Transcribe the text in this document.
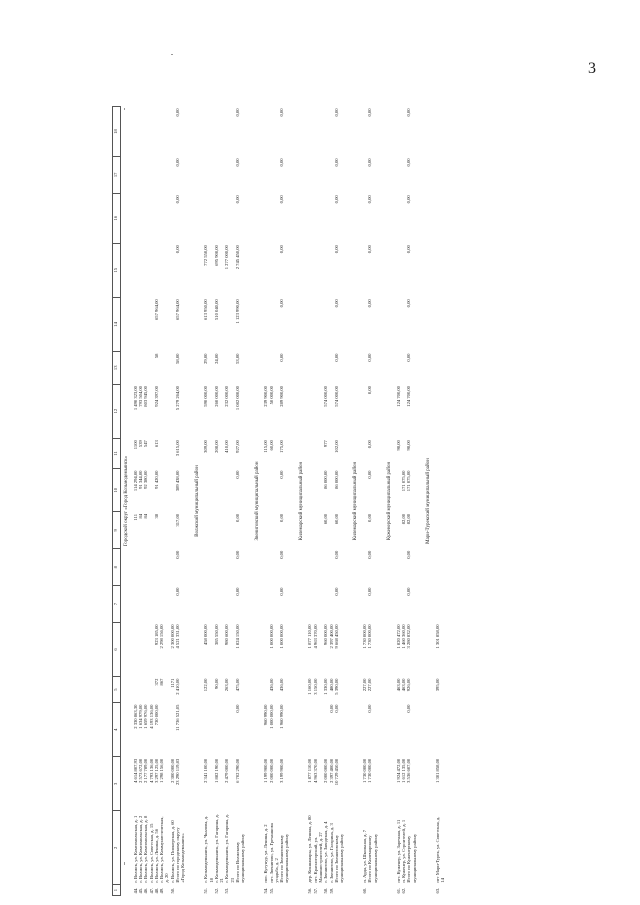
3
1	2	3	4	5	6	7	8	9	10	11	12	13	14	15	16	17	18
Городской округ «Город Козьмодемьянск»																	
44.	г. Волжск, ул. Комсомольская, д. 1	4 614 807,93	2 330 863,30					111	114 294,00	1100	1 490 323,00						
45.	г. Волжск, ул. Комсомольская, д. 2	2 573 672,00	1 634 979,00					84	91 344,00	539	793 504,00						
46.	г. Волжск, ул. Комсомольская, д. 8	2 177 789,00	1 659 976,00					84	92 380,00	547	803 945,00						
47.	г. Волжск, ул. Советская, д. 15	4 793 136,00	4 193 136,00														
48.	г. Волжск, ул. Ленина, д. 56	3 297 125,00	730 000,00	372	923 185,00			38	91 420,00	613	924 397,00	58	657 964,00				
49.	г. Волжск, ул. Коммунистическая, д. 20	1 298 156,00		867	2 298 156,00												
50.	г. Волжск, ул. Пионерская, д. 60	2 300 000,00		1171	2 300 000,00												
	Итого по городскому округу «Город Козьмодемьянск»	23 290 119,83	11 736 521,05	2 410,00	4 521 331,00	0,00	0,00	317,00	389 438,00	3 615,00	5 279 264,00	58,00	657 964,00	0,00	0,00	0,00	0,00
Волжский муниципальный район																	
51.	г. Козьмодемьянск, ул. Чкалова, д. 18	2 341 100,00		122,00	458 000,00					309,00	590 000,00	29,00	613 950,00	772 550,00			
52.	г. Козьмодемьянск, ул. Гагарина, д. 21	1 882 190,00		90,00	385 550,00					208,00	260 000,00	24,00	510 040,00	695 900,00			
53.	г. Козьмодемьянск, ул. Гагарина, д. 23	2 479 000,00		263,00	980 600,00					410,00	232 000,00			1 277 000,00			
	Итого по Волжскому муниципальному району	6 702 290,00	0,00	475,00	1 824 150,00	0,00	0,00	0,00	0,00	927,00	1 082 000,00	53,00	1 123 990,00	2 745 450,00	0,00	0,00	0,00
Звениговский муниципальный район																	
54.	пос. Кугунур, ул. Ленина, д. 2	1 199 900,00	960 990,00							115,00	239 900,00						
55.	пгт. Звенигово, ул. Гречаннова усадьба, д. 2	2 000 000,00	1 000 000,00	436,00	1 000 000,00					60,00	50 000,00						
	Итого по Звениговскому муниципальному району	3 199 900,00	1 960 990,00	436,00	1 000 000,00	0,00	0,00	0,00	0,00	175,00	289 900,00	0,00	0,00	0,00	0,00	0,00	0,00
Килемарский муниципальный район																	
56.	дер. Кокшамары, ул. Ленина, д. 80	1 877 110,00		1 160,00	1 877 110,00												
57.	пгт. Красногорский, ул. Машиностроителей, д. 27	4 963 370,00		3 150,00	4 963 370,00												
58.	г. Звенигово, ул. Заводская, д. 4	2 000 000,00		1 330,00	960 000,00			60,00	86 000,00	977	574 000,00						
59.	г. Звенигово, ул. Гагарина, д. 3	2 397 400,00	0,00	480,00	2 397 400,00												
	Итого по Звениговскому муниципальному району	10 729 450,00	0,00	5 390,00	9 668 450,00	0,00	0,00	60,00	86 000,00	102,00	574 000,00	0,00	0,00	0,00	0,00	0,00	0,00
Килемарский муниципальный район																	
60.	п. Арда, ул. Школьная, д. 7	1 730 000,00		227,00	1 730 000,00												
	Итого по Килемарскому муниципальному району	1 730 000,00	0,00	227,00	1 730 000,00	0,00	0,00	0,00	0,00	0,00	0,00	0,00	0,00	0,00	0,00	0,00	0,00
Куженерский муниципальный район																	
61.	пгт. Куженер, ул. Заречная, д. 11	1 924 472,00		463,00	1 820 472,00					98,00	124 700,00						
62.	п. Куженер, ул. Строителей, д. 1	1 612 135,00		463,00	1 460 360,00			82,00	171 075,00								
	Итого по Куженерскому муниципальному району	3 536 607,00	0,00	926,00	3 280 832,00	0,00	0,00	82,00	171 075,00	98,00	124 700,00	0,00	0,00	0,00	0,00	0,00	0,00
Мари-Турекский муниципальный район																	
63.	пгт Мари-Турек, ул. Советская, д. 14	1 301 858,00		395,00	1 301 858,00												
